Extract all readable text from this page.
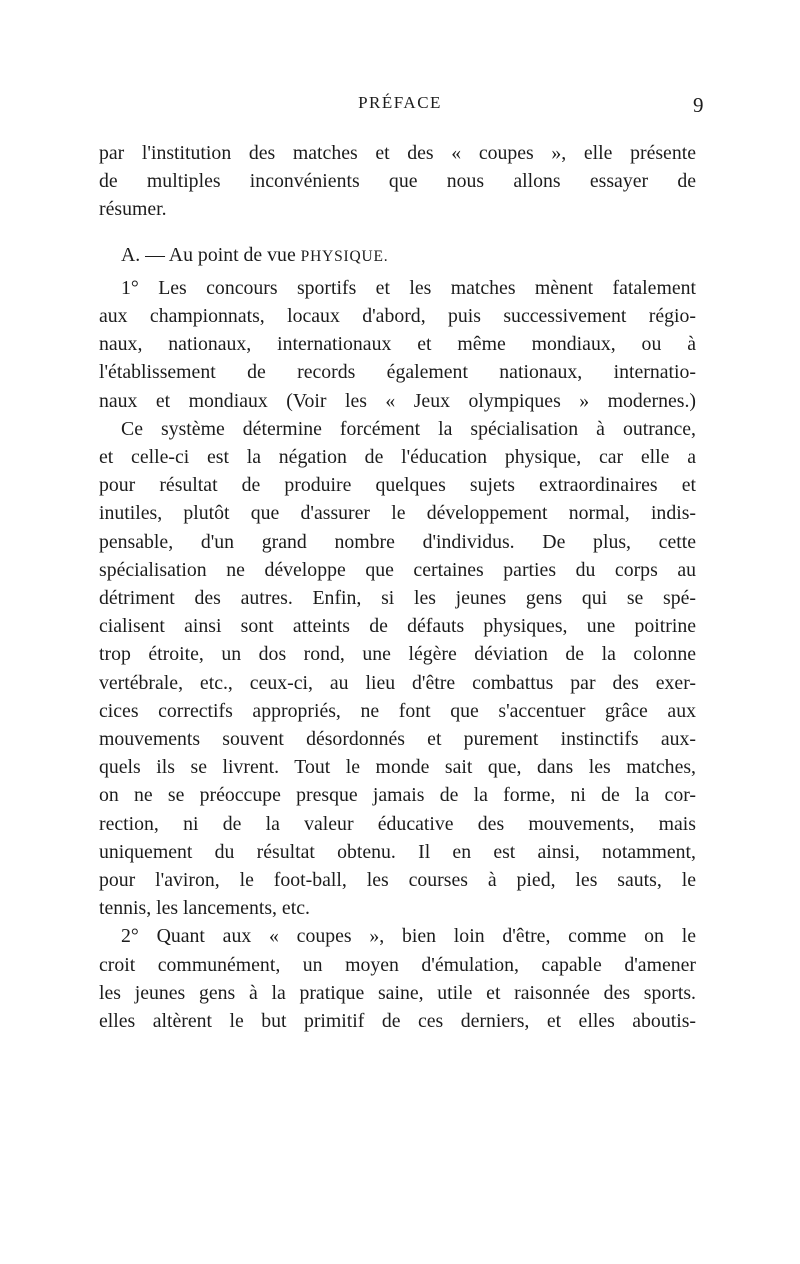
PRÉFACE	9
par l'institution des matches et des « coupes », elle présente
de multiples inconvénients que nous allons essayer de
résumer.
A. — Au point de vue PHYSIQUE.
1° Les concours sportifs et les matches mènent fatalement
aux championnats, locaux d'abord, puis successivement régio-
naux, nationaux, internationaux et même mondiaux, ou à
l'établissement de records également nationaux, internatio-
naux et mondiaux (Voir les « Jeux olympiques » modernes.)
Ce système détermine forcément la spécialisation à outrance,
et celle-ci est la négation de l'éducation physique, car elle a
pour résultat de produire quelques sujets extraordinaires et
inutiles, plutôt que d'assurer le développement normal, indis-
pensable, d'un grand nombre d'individus. De plus, cette
spécialisation ne développe que certaines parties du corps au
détriment des autres. Enfin, si les jeunes gens qui se spé-
cialisent ainsi sont atteints de défauts physiques, une poitrine
trop étroite, un dos rond, une légère déviation de la colonne
vertébrale, etc., ceux-ci, au lieu d'être combattus par des exer-
cices correctifs appropriés, ne font que s'accentuer grâce aux
mouvements souvent désordonnés et purement instinctifs aux-
quels ils se livrent. Tout le monde sait que, dans les matches,
on ne se préoccupe presque jamais de la forme, ni de la cor-
rection, ni de la valeur éducative des mouvements, mais
uniquement du résultat obtenu. Il en est ainsi, notamment,
pour l'aviron, le foot-ball, les courses à pied, les sauts, le
tennis, les lancements, etc.
2° Quant aux « coupes », bien loin d'être, comme on le
croit communément, un moyen d'émulation, capable d'amener
les jeunes gens à la pratique saine, utile et raisonnée des sports.
elles altèrent le but primitif de ces derniers, et elles aboutis-
